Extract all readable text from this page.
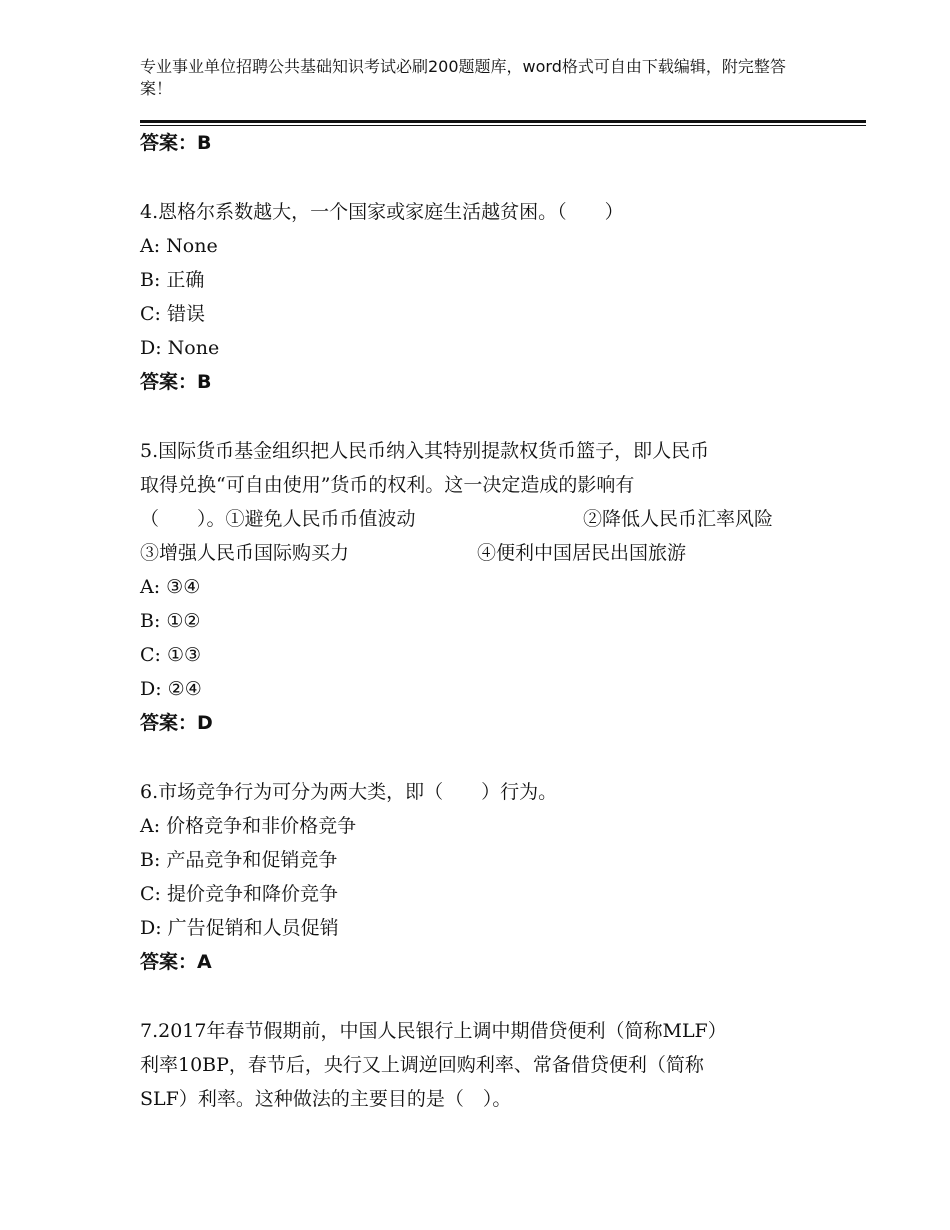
专业事业单位招聘公共基础知识考试必刷200题题库，word格式可自由下载编辑，附完整答案！
答案：B
4.恩格尔系数越大，一个国家或家庭生活越贫困。（　　）
A: None
B: 正确
C: 错误
D: None
答案：B
5.国际货币基金组织把人民币纳入其特别提款权货币篮子，即人民币
取得兑换“可自由使用”货币的权利。这一决定造成的影响有
（　　）。①避免人民币币值波动	②降低人民币汇率风险
③增强人民币国际购买力	④便利中国居民出国旅游
A: ③④
B: ①②
C: ①③
D: ②④
答案：D
6.市场竞争行为可分为两大类，即（　　）行为。
A: 价格竞争和非价格竞争
B: 产品竞争和促销竞争
C: 提价竞争和降价竞争
D: 广告促销和人员促销
答案：A
7.2017年春节假期前，中国人民银行上调中期借贷便利（简称MLF）
利率10BP，春节后，央行又上调逆回购利率、常备借贷便利（简称
SLF）利率。这种做法的主要目的是（　）。
